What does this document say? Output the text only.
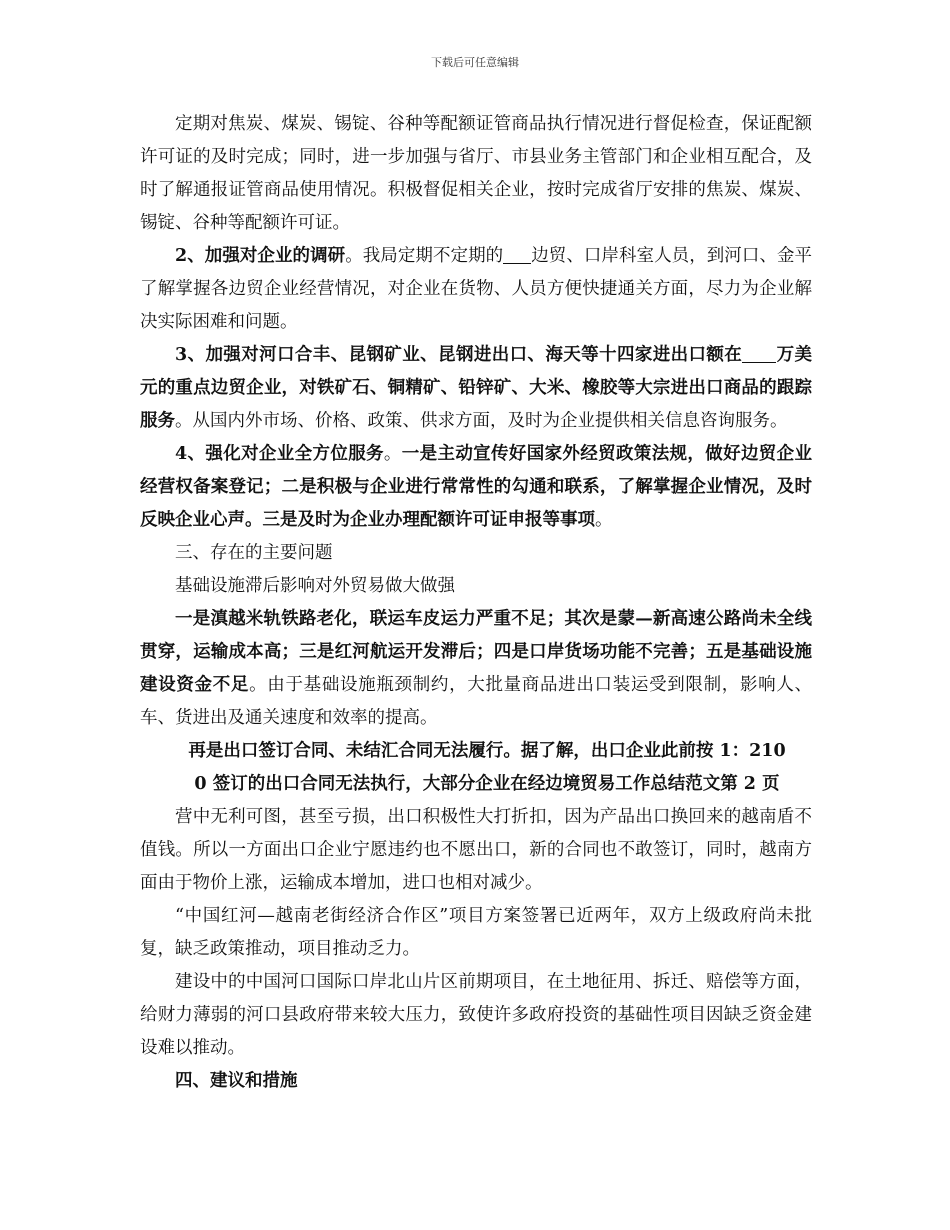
下载后可任意编辑

定期对焦炭、煤炭、锡锭、谷种等配额证管商品执行情况进行督促检查，保证配额许可证的及时完成；同时，进一步加强与省厅、市县业务主管部门和企业相互配合，及时了解通报证管商品使用情况。积极督促相关企业，按时完成省厅安排的焦炭、煤炭、锡锭、谷种等配额许可证。

2、加强对企业的调研。我局定期不定期的 边贸、口岸科室人员，到河口、金平了解掌握各边贸企业经营情况，对企业在货物、人员方便快捷通关方面，尽力为企业解决实际困难和问题。

3、加强对河口合丰、昆钢矿业、昆钢进出口、海天等十四家进出口额在 万美元的重点边贸企业，对铁矿石、铜精矿、铅锌矿、大米、橡胶等大宗进出口商品的跟踪服务。从国内外市场、价格、政策、供求方面，及时为企业提供相关信息咨询服务。

4、强化对企业全方位服务。一是主动宣传好国家外经贸政策法规，做好边贸企业经营权备案登记；二是积极与企业进行常常性的勾通和联系，了解掌握企业情况，及时反映企业心声。三是及时为企业办理配额许可证申报等事项。

三、存在的主要问题

基础设施滞后影响对外贸易做大做强

一是滇越米轨铁路老化，联运车皮运力严重不足；其次是蒙—新高速公路尚未全线贯穿，运输成本高；三是红河航运开发滞后；四是口岸货场功能不完善；五是基础设施建设资金不足。由于基础设施瓶颈制约，大批量商品进出口装运受到限制，影响人、车、货进出及通关速度和效率的提高。

再是出口签订合同、未结汇合同无法履行。据了解，出口企业此前按 1：210

0 签订的出口合同无法执行，大部分企业在经边境贸易工作总结范文第 2 页

营中无利可图，甚至亏损，出口积极性大打折扣，因为产品出口换回来的越南盾不值钱。所以一方面出口企业宁愿违约也不愿出口，新的合同也不敢签订，同时，越南方面由于物价上涨，运输成本增加，进口也相对减少。

“中国红河—越南老街经济合作区”项目方案签署已近两年，双方上级政府尚未批复，缺乏政策推动，项目推动乏力。

建设中的中国河口国际口岸北山片区前期项目，在土地征用、拆迁、赔偿等方面，给财力薄弱的河口县政府带来较大压力，致使许多政府投资的基础性项目因缺乏资金建设难以推动。

四、建议和措施
